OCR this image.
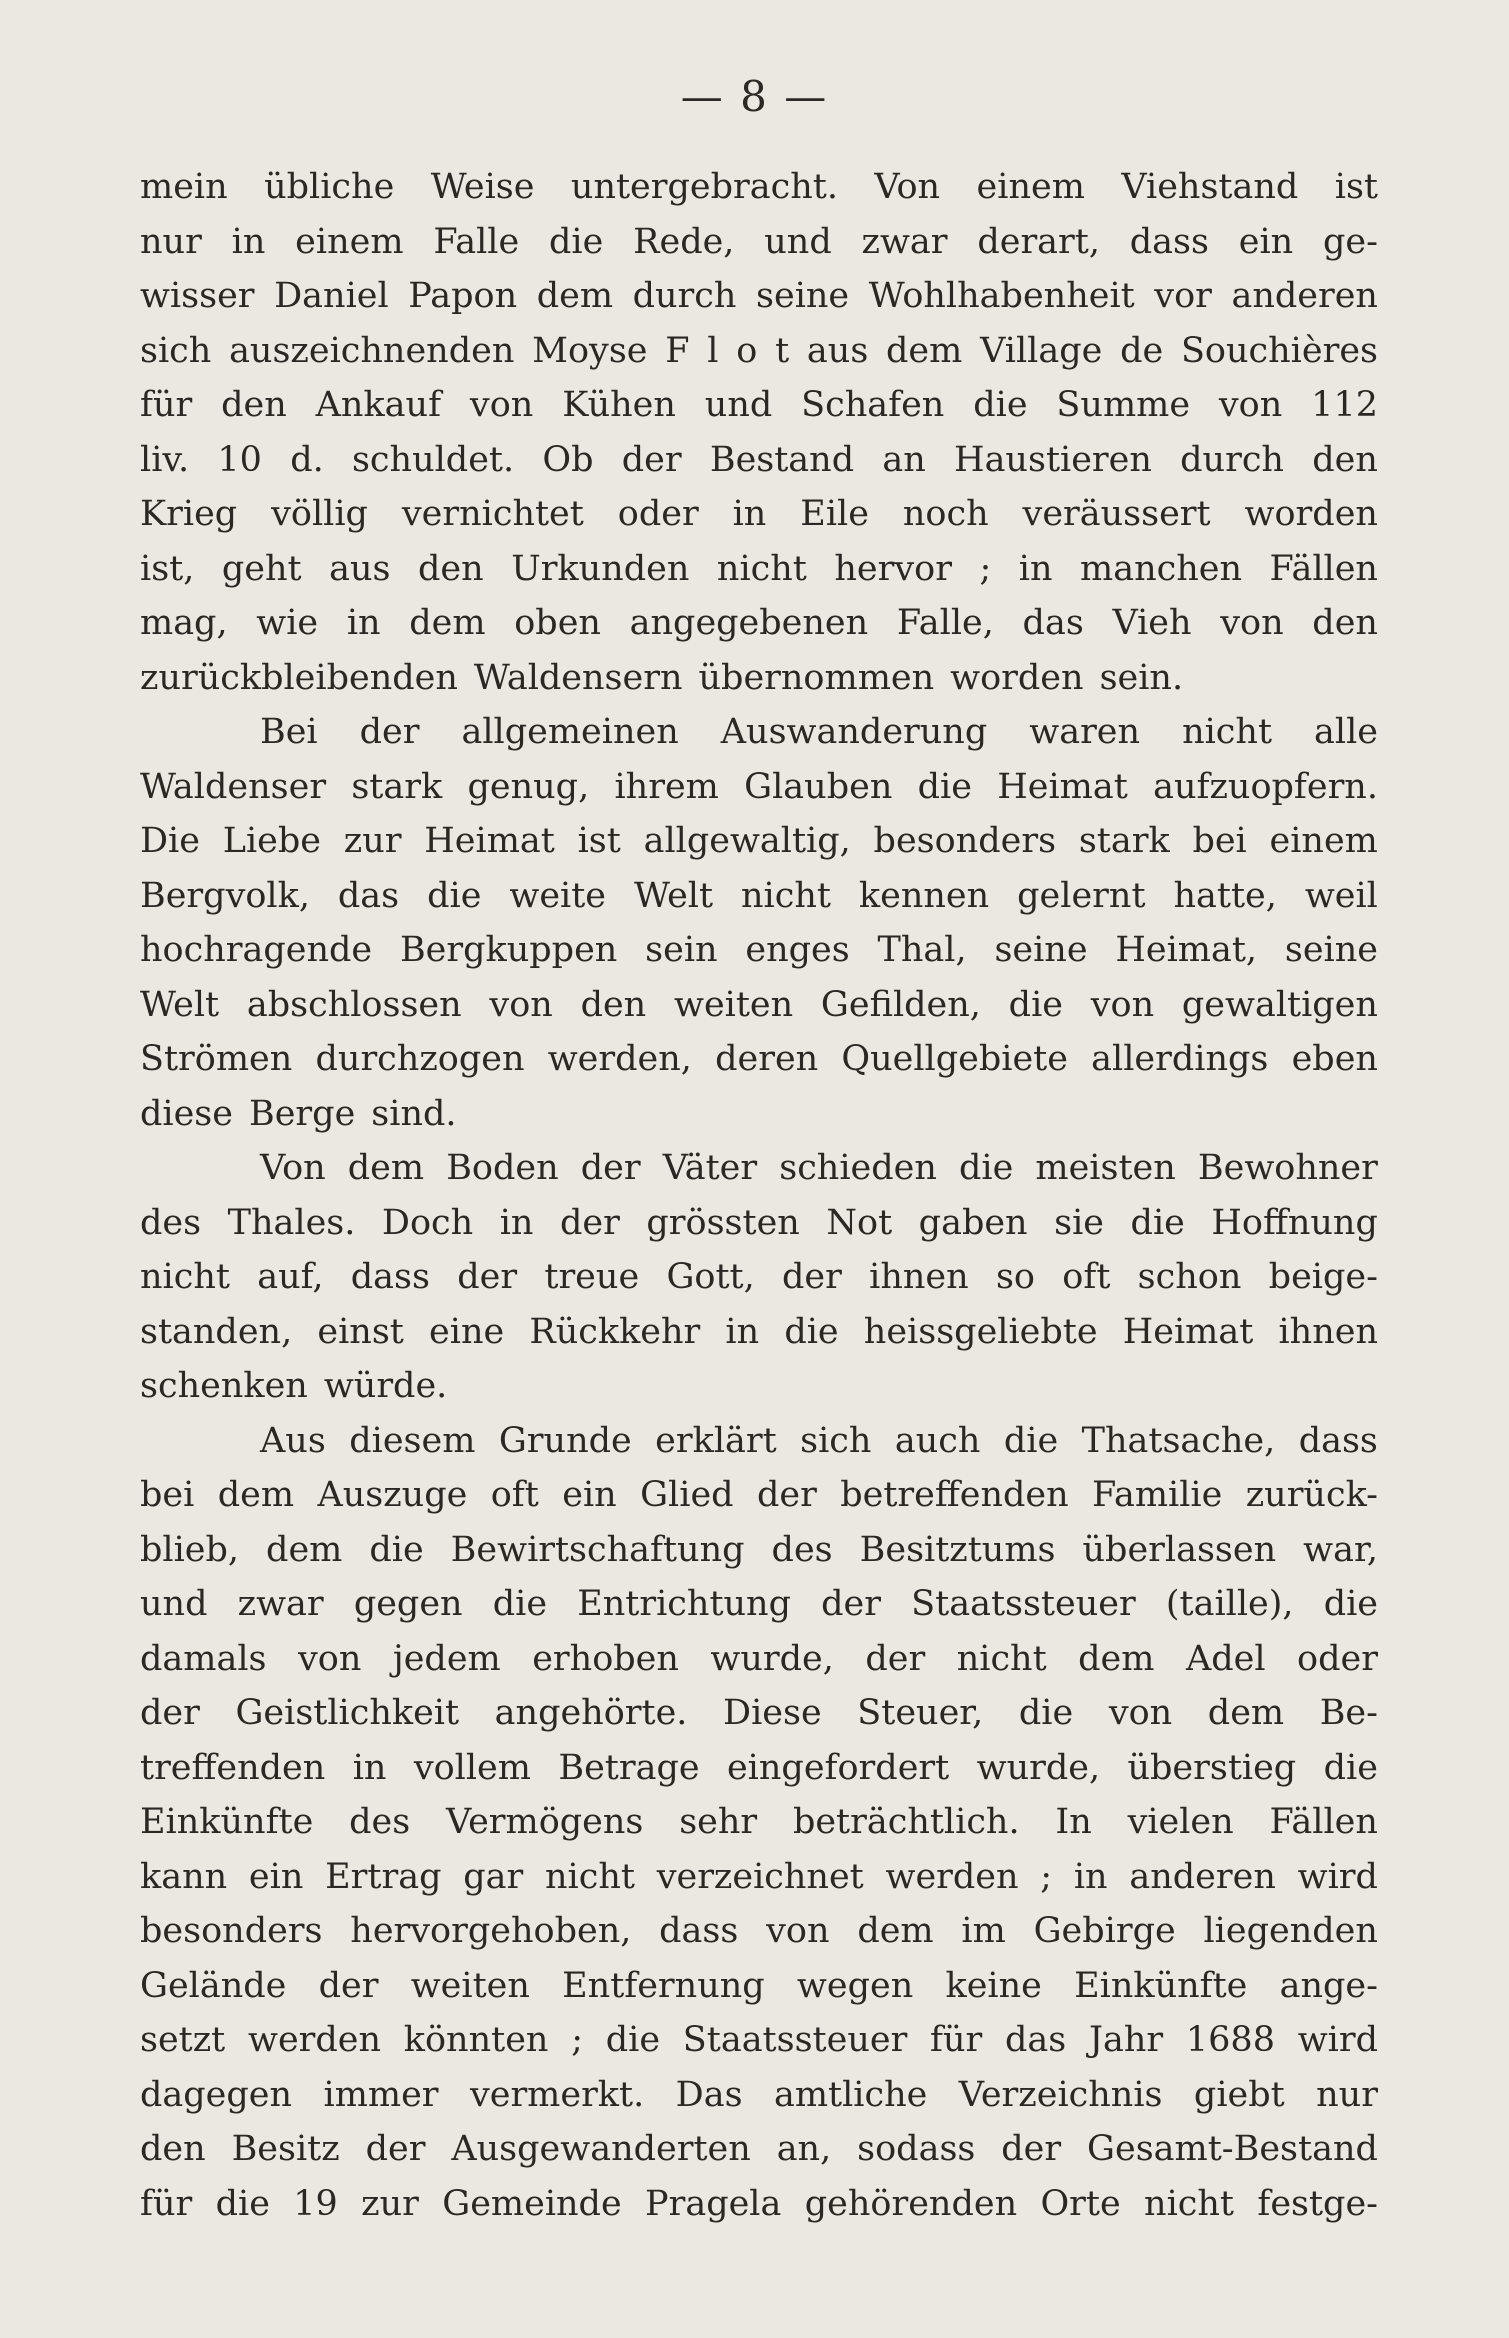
— 8 —
mein übliche Weise untergebracht. Von einem Viehstand ist
nur in einem Falle die Rede, und zwar derart, dass ein ge-
wisser Daniel Papon dem durch seine Wohlhabenheit vor anderen
sich auszeichnenden Moyse F l o t aus dem Village de Souchières
für den Ankauf von Kühen und Schafen die Summe von 112
liv. 10 d. schuldet. Ob der Bestand an Haustieren durch den
Krieg völlig vernichtet oder in Eile noch veräussert worden
ist, geht aus den Urkunden nicht hervor ; in manchen Fällen
mag, wie in dem oben angegebenen Falle, das Vieh von den
zurückbleibenden Waldensern übernommen worden sein.
Bei der allgemeinen Auswanderung waren nicht alle
Waldenser stark genug, ihrem Glauben die Heimat aufzuopfern.
Die Liebe zur Heimat ist allgewaltig, besonders stark bei einem
Bergvolk, das die weite Welt nicht kennen gelernt hatte, weil
hochragende Bergkuppen sein enges Thal, seine Heimat, seine
Welt abschlossen von den weiten Gefilden, die von gewaltigen
Strömen durchzogen werden, deren Quellgebiete allerdings eben
diese Berge sind.
Von dem Boden der Väter schieden die meisten Bewohner
des Thales. Doch in der grössten Not gaben sie die Hoffnung
nicht auf, dass der treue Gott, der ihnen so oft schon beige-
standen, einst eine Rückkehr in die heissgeliebte Heimat ihnen
schenken würde.
Aus diesem Grunde erklärt sich auch die Thatsache, dass
bei dem Auszuge oft ein Glied der betreffenden Familie zurück-
blieb, dem die Bewirtschaftung des Besitztums überlassen war,
und zwar gegen die Entrichtung der Staatssteuer (taille), die
damals von jedem erhoben wurde, der nicht dem Adel oder
der Geistlichkeit angehörte. Diese Steuer, die von dem Be-
treffenden in vollem Betrage eingefordert wurde, überstieg die
Einkünfte des Vermögens sehr beträchtlich. In vielen Fällen
kann ein Ertrag gar nicht verzeichnet werden ; in anderen wird
besonders hervorgehoben, dass von dem im Gebirge liegenden
Gelände der weiten Entfernung wegen keine Einkünfte ange-
setzt werden könnten ; die Staatssteuer für das Jahr 1688 wird
dagegen immer vermerkt. Das amtliche Verzeichnis giebt nur
den Besitz der Ausgewanderten an, sodass der Gesamt-Bestand
für die 19 zur Gemeinde Pragela gehörenden Orte nicht festge-
